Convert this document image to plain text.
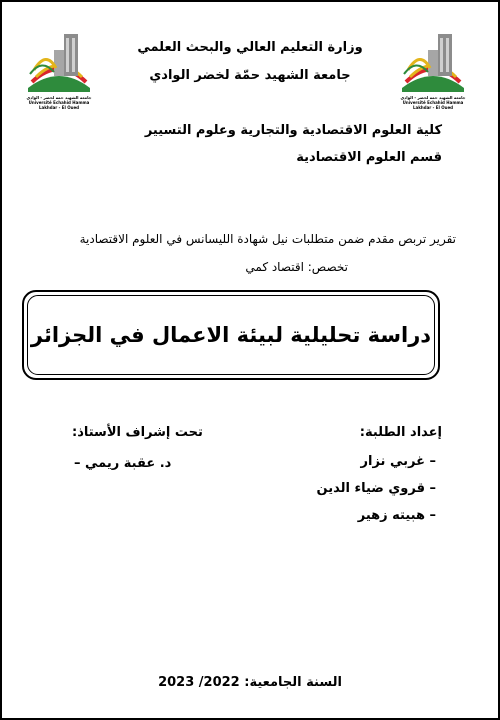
جامعة الشهيد حمة لخضر - الوادي
Université Echahid Hamma Lakhdar - El Oued
جامعة الشهيد حمة لخضر - الوادي
Université Echahid Hamma Lakhdar - El Oued
وزارة التعليم العالي والبحث العلمي
جامعة الشهيد حمّة لخضر الوادي
كلية العلوم الاقتصادية والتجارية وعلوم التسيير
قسم العلوم الاقتصادية
تقرير تربص مقدم ضمن متطلبات نيل شهادة الليسانس في العلوم الاقتصادية
تخصص: اقتصاد كمي
دراسة تحليلية لبيئة الاعمال في الجزائر
إعداد الطلبة:
– غربي نزار
– قروي ضياء الدين
– هبيته زهير
تحت إشراف الأستاذ:
د. عقبة ريمي –
السنة الجامعية: 2022/ 2023
